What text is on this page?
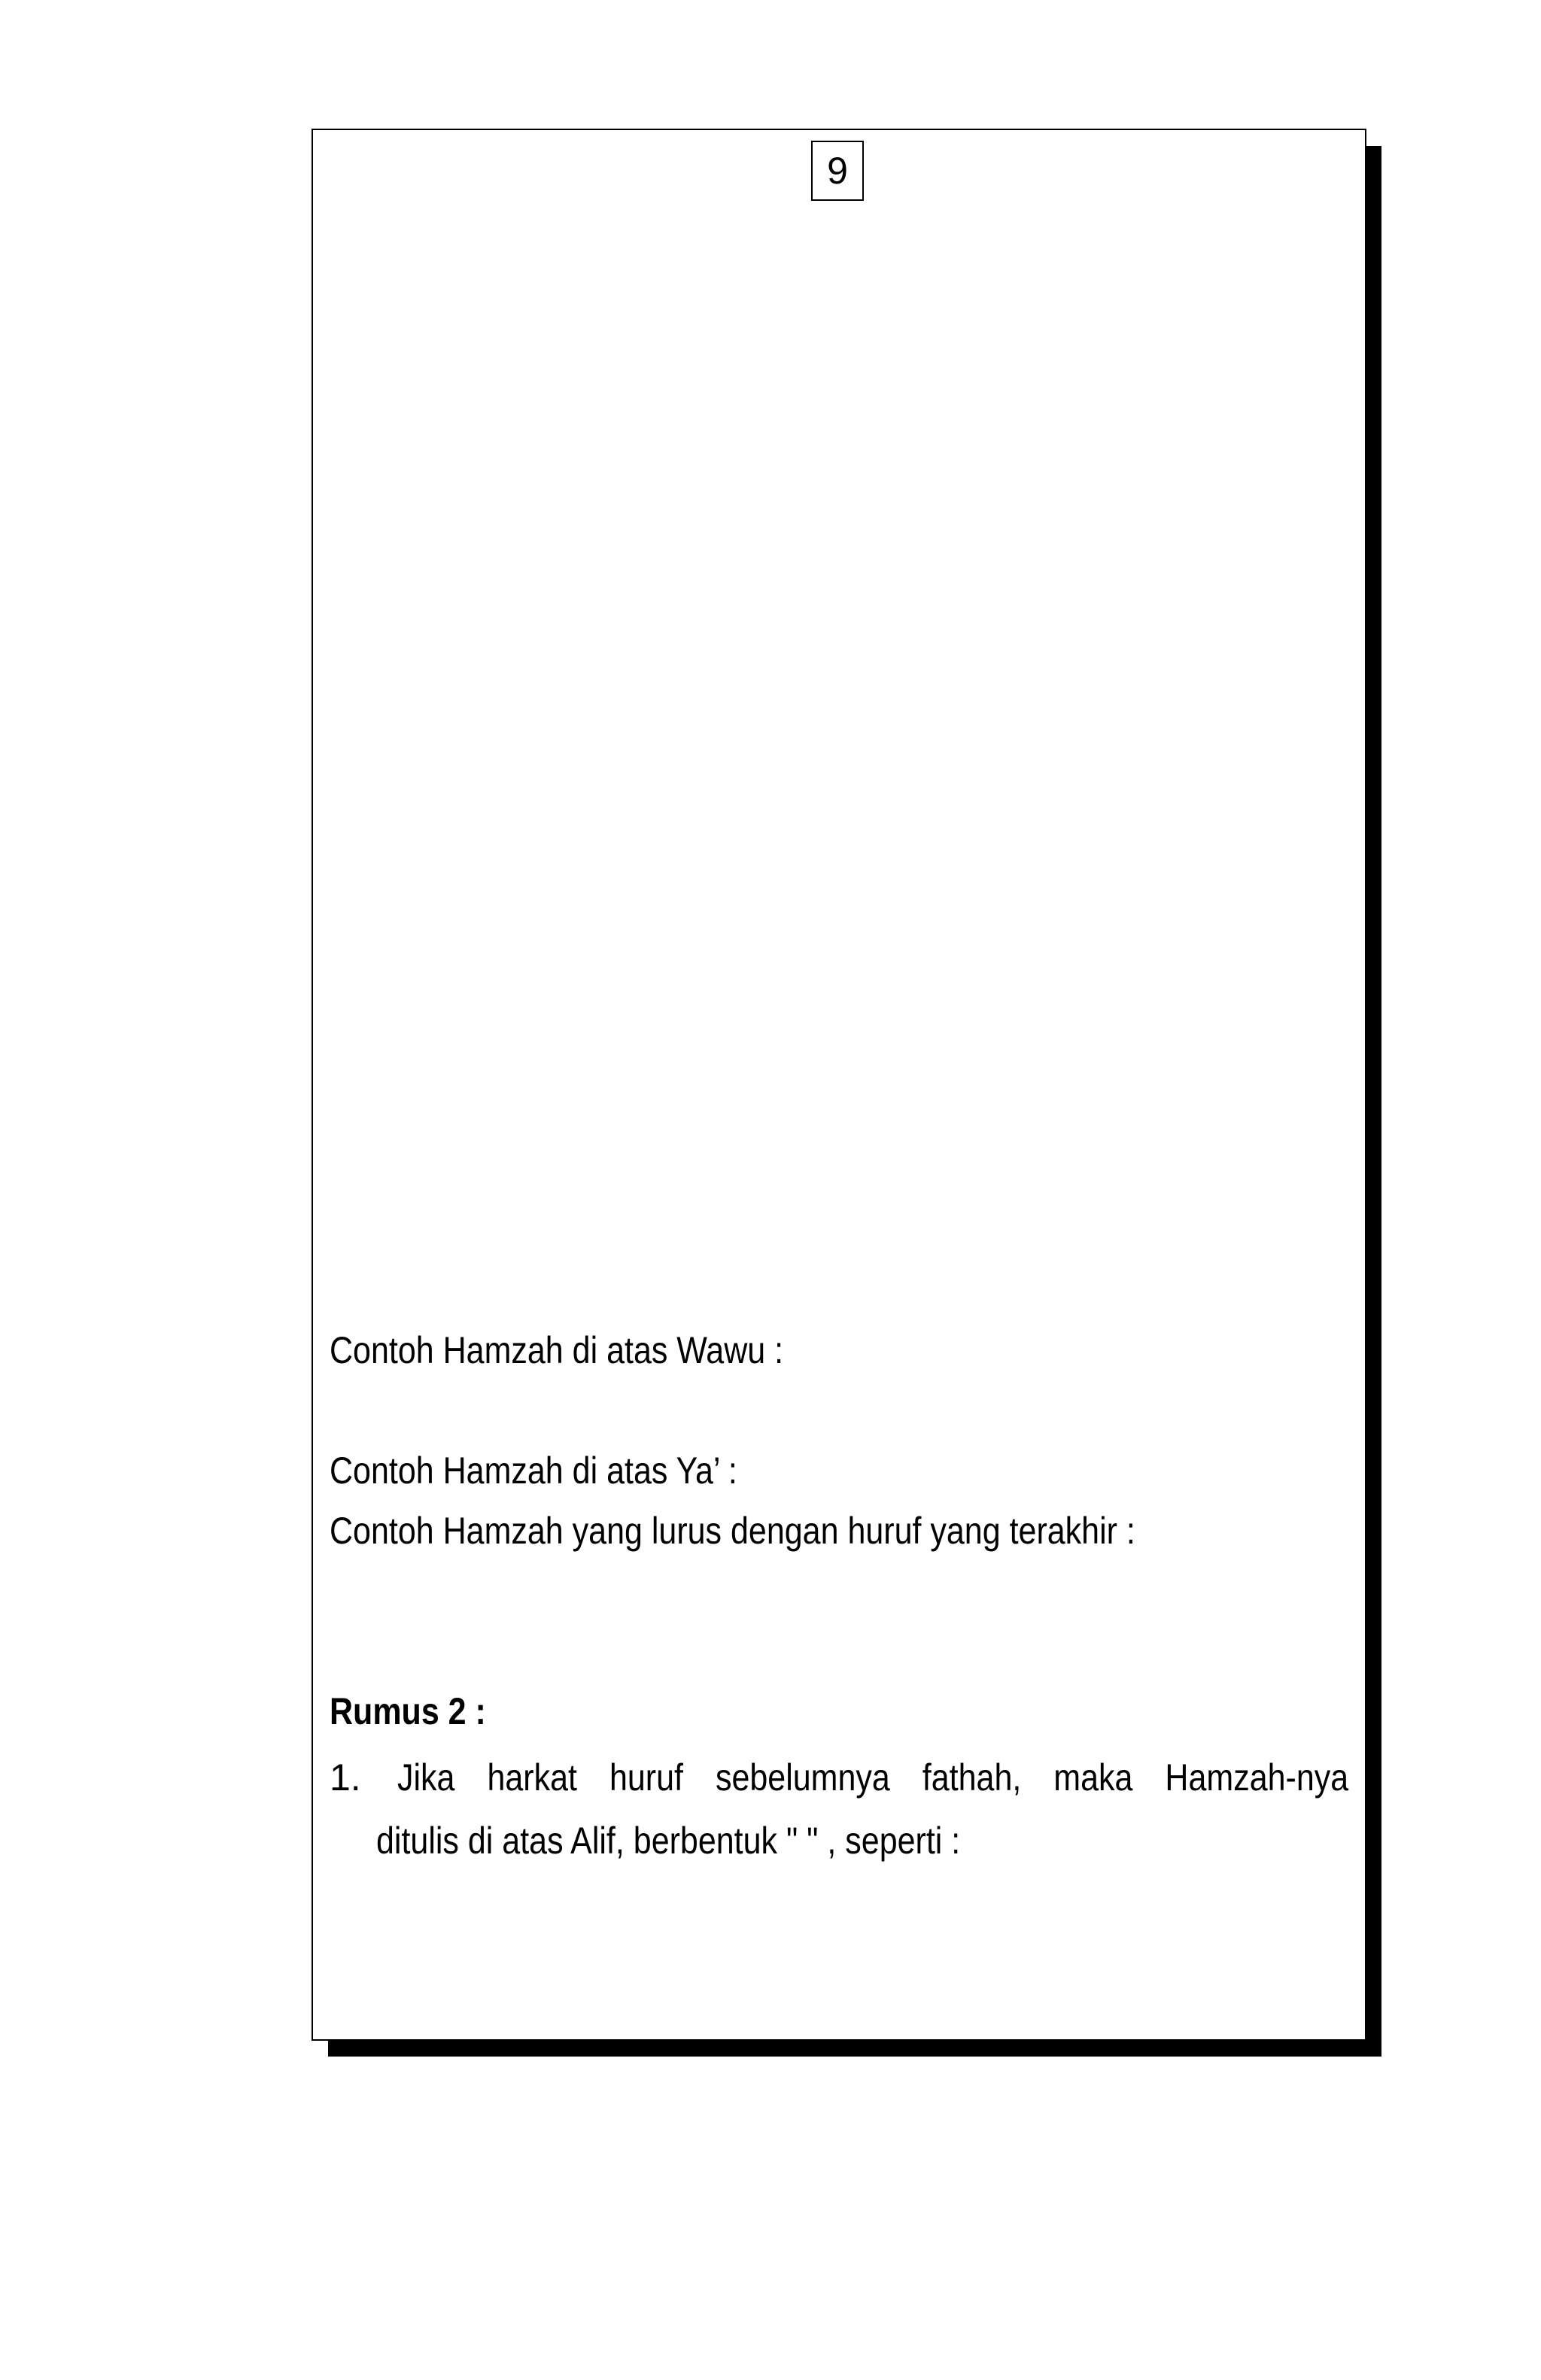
9
Contoh Hamzah di atas Wawu :
Contoh Hamzah di atas Ya’ :
Contoh Hamzah yang lurus dengan huruf yang terakhir :
Rumus 2 :
1. Jika harkat huruf sebelumnya fathah, maka Hamzah-nya
ditulis di atas Alif, berbentuk " " , seperti :
